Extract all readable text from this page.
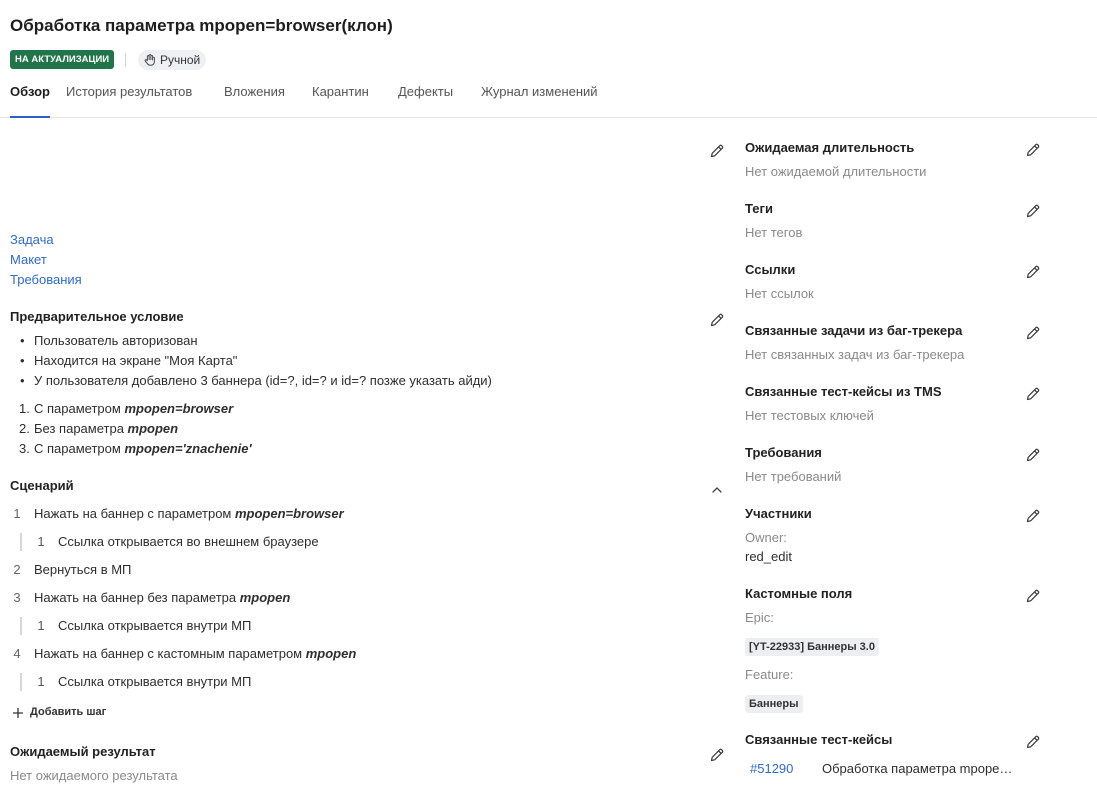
Обработка параметра mpopen=browser(клон)
НА АКТУАЛИЗАЦИИ	Ручной
Обзор История результатов Вложения Карантин Дефекты Журнал изменений
Задача
Макет
Требования
Предварительное условие
• Пользователь авторизован
• Находится на экране "Моя Карта"
• У пользователя добавлено 3 баннера (id=?, id=? и id=? позже указать айди)
1. С параметром mpopen=browser
2. Без параметра mpopen
3. С параметром mpopen='znachenie'
Сценарий
1 Нажать на баннер с параметром mpopen=browser
1 Ссылка открывается во внешнем браузере
2 Вернуться в МП
3 Нажать на баннер без параметра mpopen
1 Ссылка открывается внутри МП
4 Нажать на баннер с кастомным параметром mpopen
1 Ссылка открывается внутри МП
Добавить шаг
Ожидаемый результат
Нет ожидаемого результата
Ожидаемая длительность
Нет ожидаемой длительности
Теги
Нет тегов
Ссылки
Нет ссылок
Связанные задачи из баг-трекера
Нет связанных задач из баг-трекера
Связанные тест-кейсы из TMS
Нет тестовых ключей
Требования
Нет требований
Участники
Owner:
red_edit
Кастомные поля
Epic:
[YT-22933] Баннеры 3.0
Feature:
Баннеры
Связанные тест-кейсы
#51290 Обработка параметра mpope…
